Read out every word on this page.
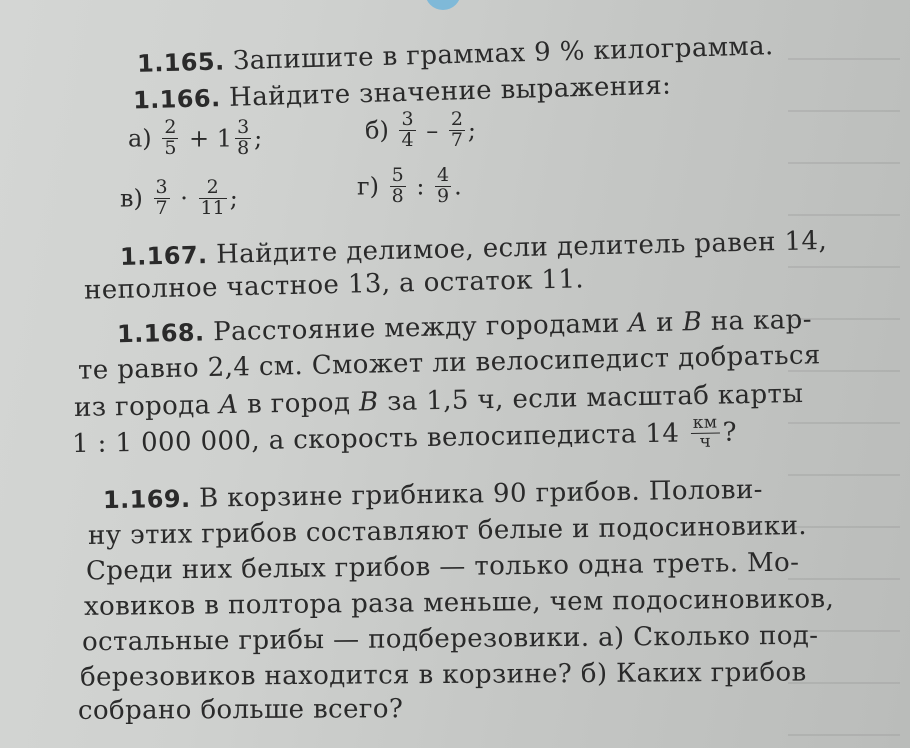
1.165. Запишите в граммах 9 % килограмма.
1.166. Найдите значение выражения:
$а) \frac{2}{5} + 1 \frac{3}{8}$ ;	$б) \frac{3}{4} - \frac{2}{7}$ ;
$в) \frac{3}{7} \cdot \frac{2}{11}$ ;	$г) \frac{5}{8}$ : $\frac{4}{9}$ .
1.167. Найдите делимое, если делитель равен 14,
неполное частное 13, а остаток 11.
1.168. Расстояние между городами A и B на кар-
те равно 2,4 см. Сможет ли велосипедист добраться
из города A в город B за 1,5 ч, если масштаб карты
1 : 1 000 000, а скорость велосипедиста $14 \frac{км}{ч}$ ?
1.169. В корзине грибника 90 грибов. Полови-
ну этих грибов составляют белые и подосиновики.
Среди них белых грибов — только одна треть. Мо-
ховиков в полтора раза меньше, чем подосиновиков,
остальные грибы — подберезовики. а) Сколько под-
березовиков находится в корзине? б) Каких грибов
собрано больше всего?
